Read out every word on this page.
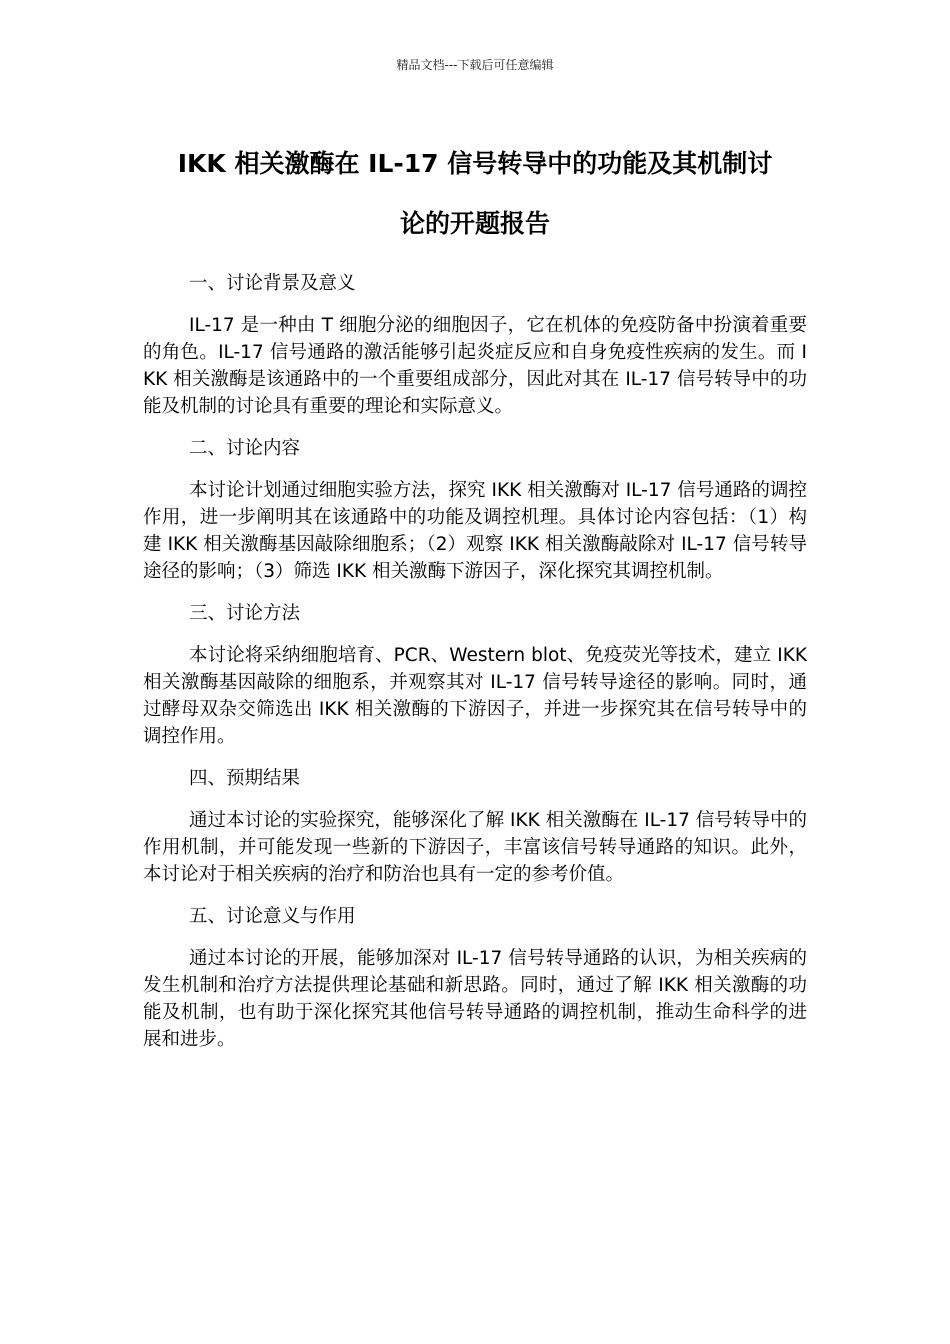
精品文档---下载后可任意编辑
IKK 相关激酶在 IL-17 信号转导中的功能及其机制讨
论的开题报告
一、讨论背景及意义

IL-17 是一种由 T 细胞分泌的细胞因子，它在机体的免疫防备中扮演着重要的角色。IL-17 信号通路的激活能够引起炎症反应和自身免疫性疾病的发生。而 IKK 相关激酶是该通路中的一个重要组成部分，因此对其在 IL-17 信号转导中的功能及机制的讨论具有重要的理论和实际意义。

二、讨论内容

本讨论计划通过细胞实验方法，探究 IKK 相关激酶对 IL-17 信号通路的调控作用，进一步阐明其在该通路中的功能及调控机理。具体讨论内容包括：（1）构建 IKK 相关激酶基因敲除细胞系；（2）观察 IKK 相关激酶敲除对 IL-17 信号转导途径的影响；（3）筛选 IKK 相关激酶下游因子，深化探究其调控机制。

三、讨论方法

本讨论将采纳细胞培育、PCR、Western blot、免疫荧光等技术，建立 IKK 相关激酶基因敲除的细胞系，并观察其对 IL-17 信号转导途径的影响。同时，通过酵母双杂交筛选出 IKK 相关激酶的下游因子，并进一步探究其在信号转导中的调控作用。

四、预期结果

通过本讨论的实验探究，能够深化了解 IKK 相关激酶在 IL-17 信号转导中的作用机制，并可能发现一些新的下游因子，丰富该信号转导通路的知识。此外，本讨论对于相关疾病的治疗和防治也具有一定的参考价值。

五、讨论意义与作用

通过本讨论的开展，能够加深对 IL-17 信号转导通路的认识，为相关疾病的发生机制和治疗方法提供理论基础和新思路。同时，通过了解 IKK 相关激酶的功能及机制，也有助于深化探究其他信号转导通路的调控机制，推动生命科学的进展和进步。
